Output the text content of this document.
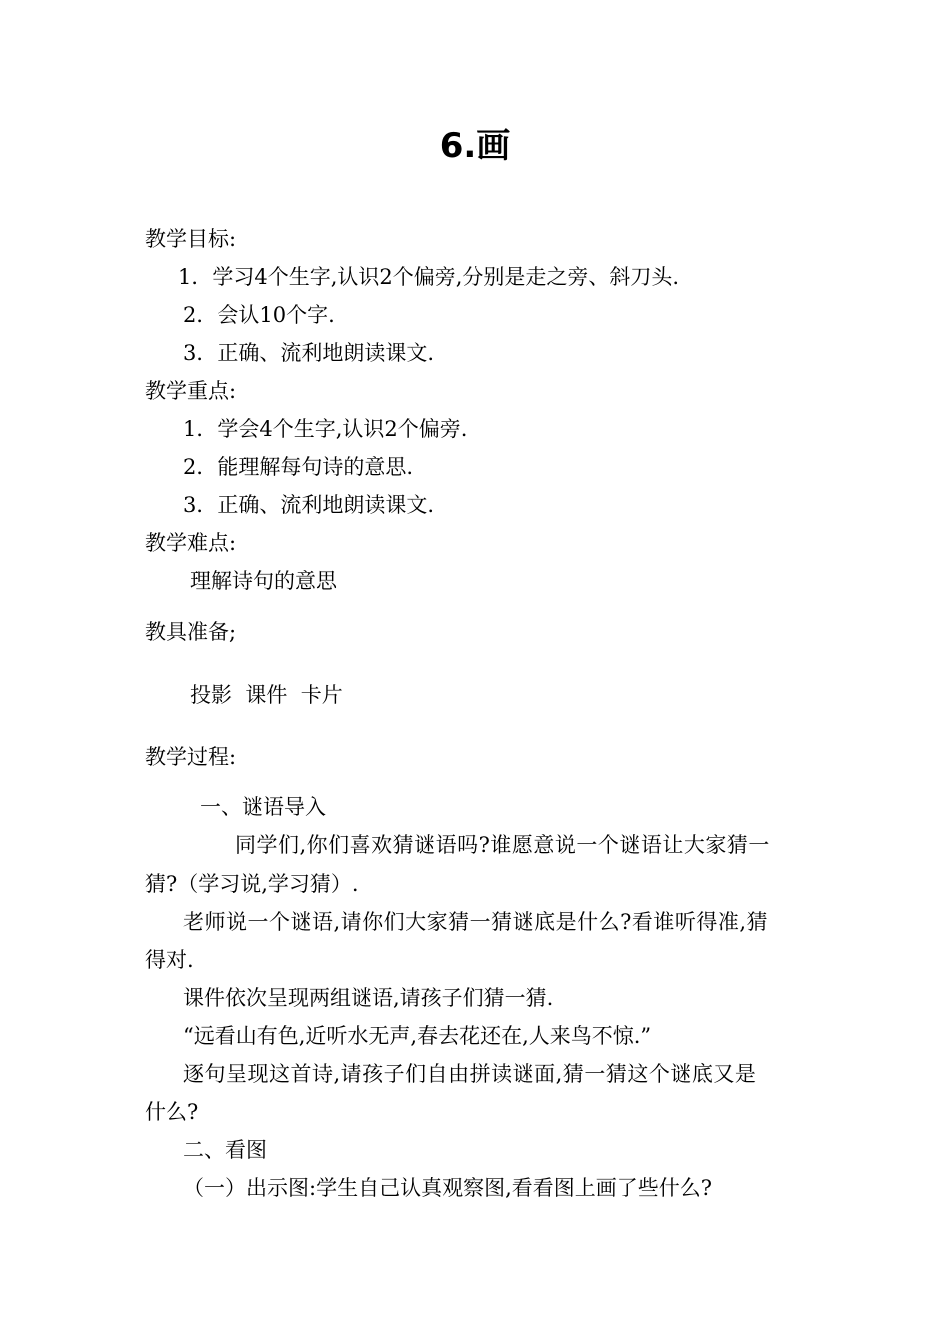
6.画
教学目标:
1．学习4个生字,认识2个偏旁,分别是走之旁、斜刀头.
2．会认10个字.
3．正确、流利地朗读课文.
教学重点:
1．学会4个生字,认识2个偏旁.
2．能理解每句诗的意思.
3．正确、流利地朗读课文.
教学难点:
理解诗句的意思
教具准备;
投影  课件  卡片
教学过程:
一、谜语导入
同学们,你们喜欢猜谜语吗?谁愿意说一个谜语让大家猜一
猜?（学习说,学习猜）.
老师说一个谜语,请你们大家猜一猜谜底是什么?看谁听得准,猜
得对.
课件依次呈现两组谜语,请孩子们猜一猜.
“远看山有色,近听水无声,春去花还在,人来鸟不惊.”
逐句呈现这首诗,请孩子们自由拼读谜面,猜一猜这个谜底又是
什么?
二、看图
（一）出示图:学生自己认真观察图,看看图上画了些什么?
